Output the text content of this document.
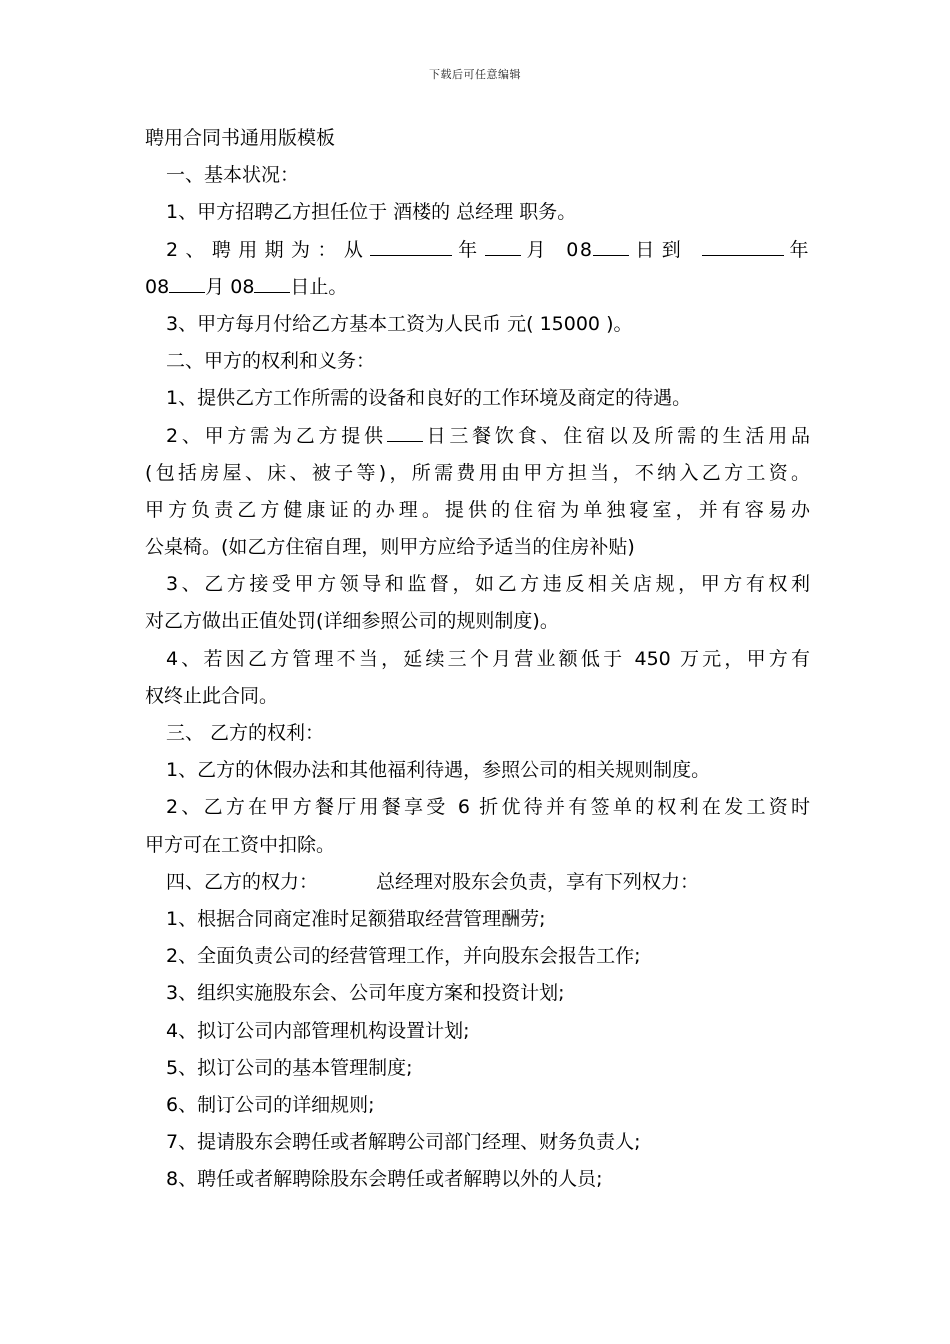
下载后可任意编辑
聘用合同书通用版模板
一、基本状况：
1、甲方招聘乙方担任位于 酒楼的 总经理 职务。
2、聘用期为：从	年 月 08 日到	年
08 月 08 日止。
3、甲方每月付给乙方基本工资为人民币 元( 15000 )。
二、甲方的权利和义务：
1、提供乙方工作所需的设备和良好的工作环境及商定的待遇。
2、甲方需为乙方提供 日三餐饮食、住宿以及所需的生活用品
(包括房屋、床、被子等)，所需费用由甲方担当，不纳入乙方工资。
甲方负责乙方健康证的办理。提供的住宿为单独寝室，并有容易办
公桌椅。(如乙方住宿自理，则甲方应给予适当的住房补贴)
3、乙方接受甲方领导和监督，如乙方违反相关店规，甲方有权利
对乙方做出正值处罚(详细参照公司的规则制度)。
4、若因乙方管理不当，延续三个月营业额低于 450 万元，甲方有
权终止此合同。
三、 乙方的权利：
1、乙方的休假办法和其他福利待遇，参照公司的相关规则制度。
2、乙方在甲方餐厅用餐享受 6 折优待并有签单的权利在发工资时
甲方可在工资中扣除。
四、乙方的权力：	总经理对股东会负责，享有下列权力：
1、根据合同商定准时足额猎取经营管理酬劳;
2、全面负责公司的经营管理工作，并向股东会报告工作;
3、组织实施股东会、公司年度方案和投资计划;
4、拟订公司内部管理机构设置计划;
5、拟订公司的基本管理制度;
6、制订公司的详细规则;
7、提请股东会聘任或者解聘公司部门经理、财务负责人;
8、聘任或者解聘除股东会聘任或者解聘以外的人员;
